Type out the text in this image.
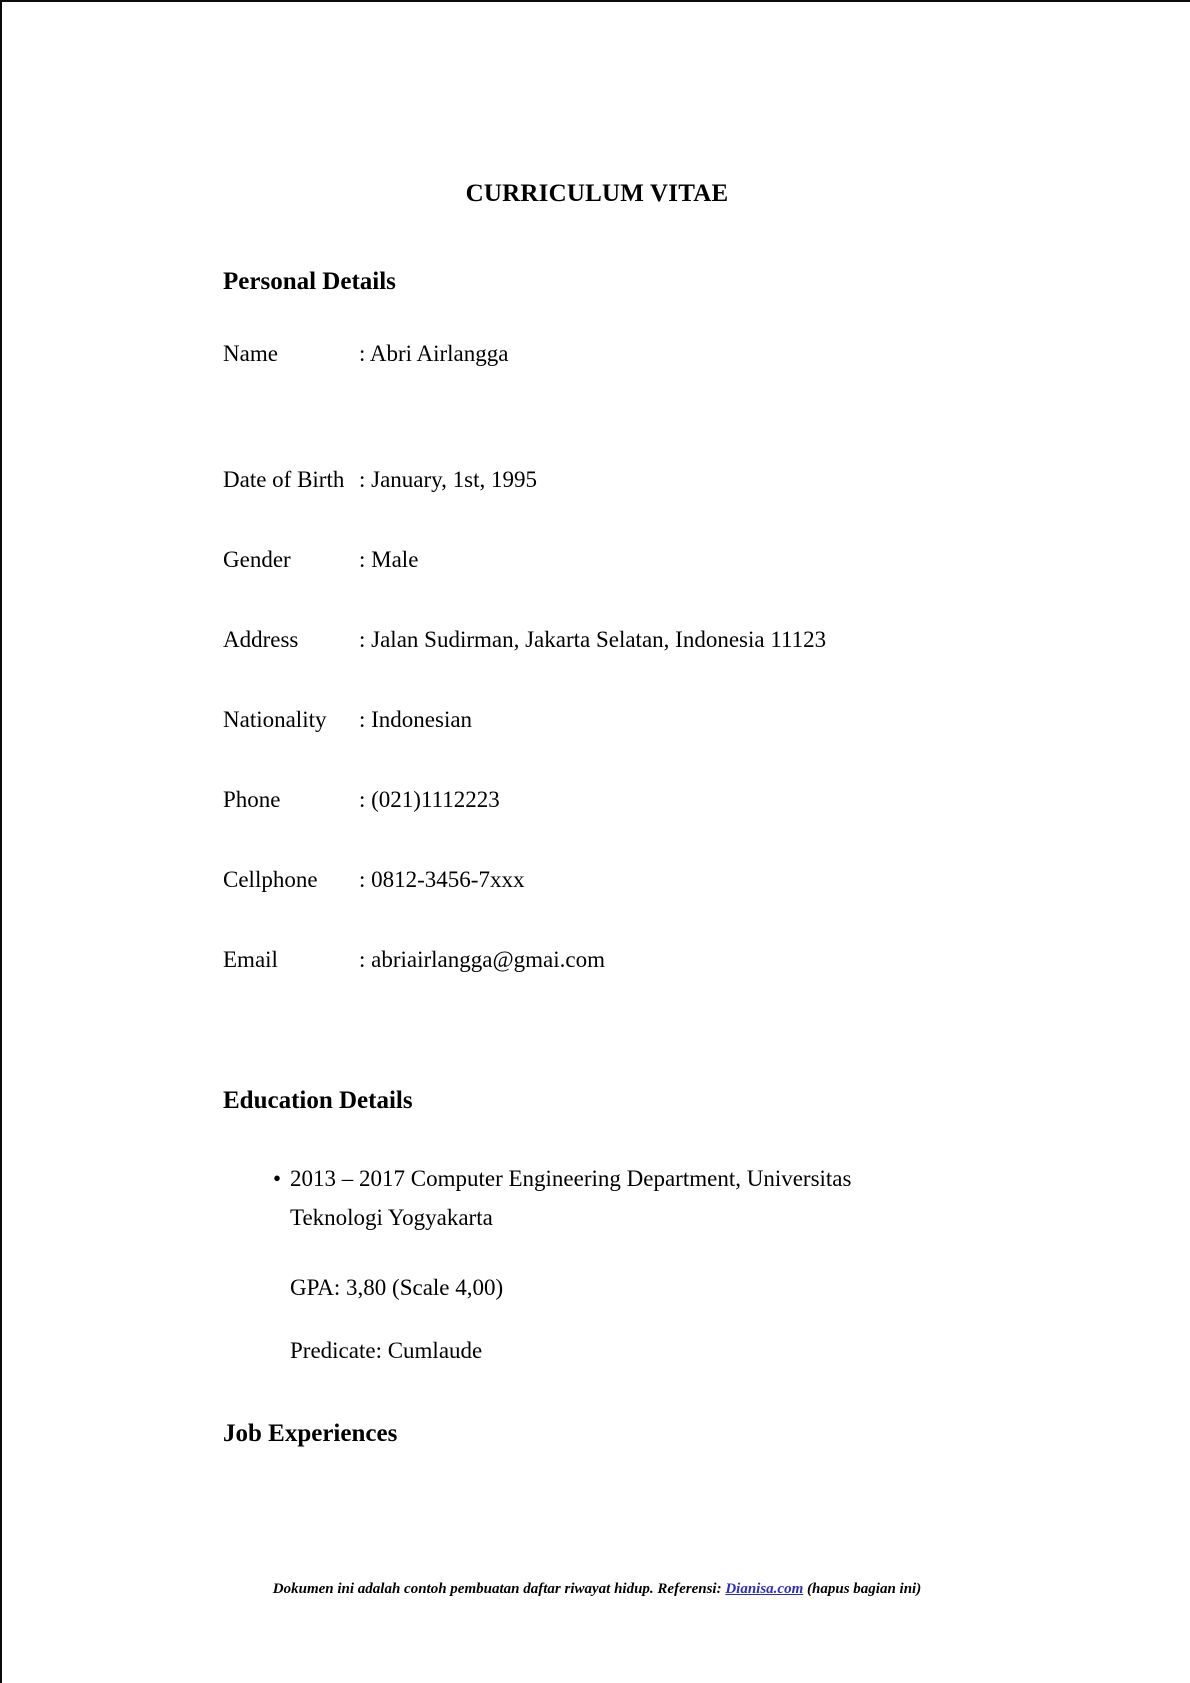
CURRICULUM VITAE
Personal Details
Name	: Abri Airlangga
Date of Birth : January, 1st, 1995
Gender	: Male
Address	: Jalan Sudirman, Jakarta Selatan, Indonesia 11123
Nationality	: Indonesian
Phone	: (021)1112223
Cellphone	: 0812-3456-7xxx
Email	: abriairlangga@gmai.com
Education Details
• 2013 – 2017 Computer Engineering Department, Universitas Teknologi Yogyakarta
GPA: 3,80 (Scale 4,00)
Predicate: Cumlaude
Job Experiences
Dokumen ini adalah contoh pembuatan daftar riwayat hidup. Referensi: Dianisa.com (hapus bagian ini)
